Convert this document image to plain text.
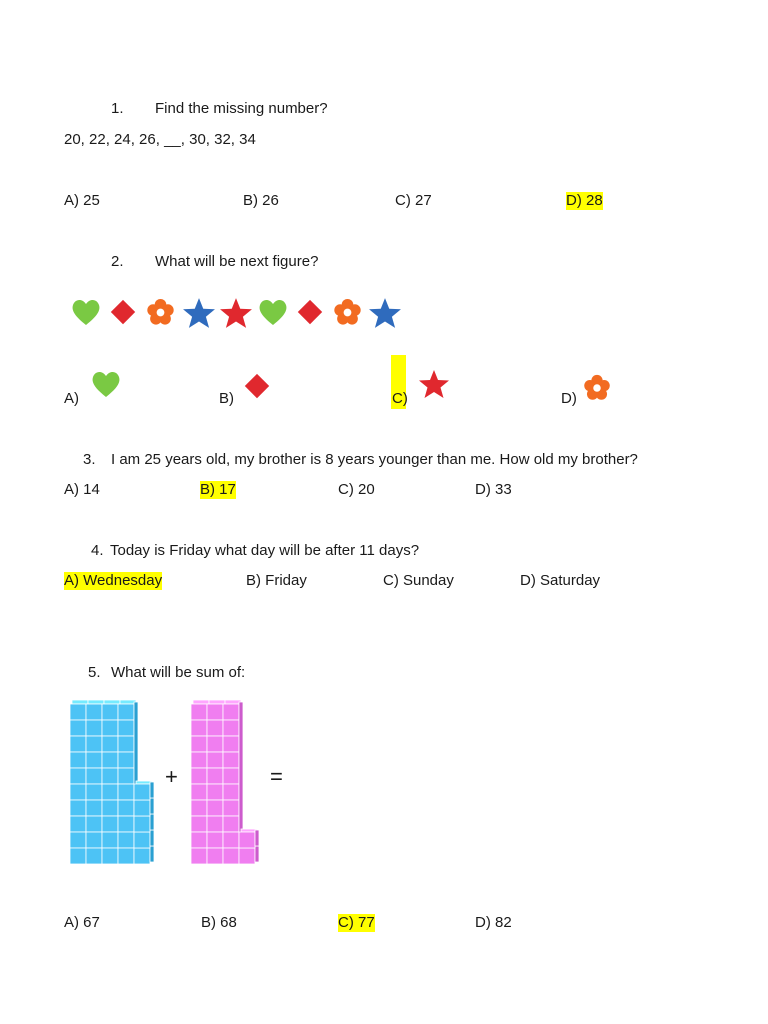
1. Find the missing number?
20, 22, 24, 26, __, 30, 32, 34
A) 25	B) 26	C) 27	D) 28
2. What will be next figure?
A)	B)	C)	D)
3. I am 25 years old, my brother is 8 years younger than me. How old my brother?
A) 14	B) 17	C) 20	D) 33
4. Today is Friday what day will be after 11 days?
A) Wednesday	B) Friday	C) Sunday	D) Saturday
5. What will be sum of:
+	=
A) 67	B) 68	C) 77	D) 82
